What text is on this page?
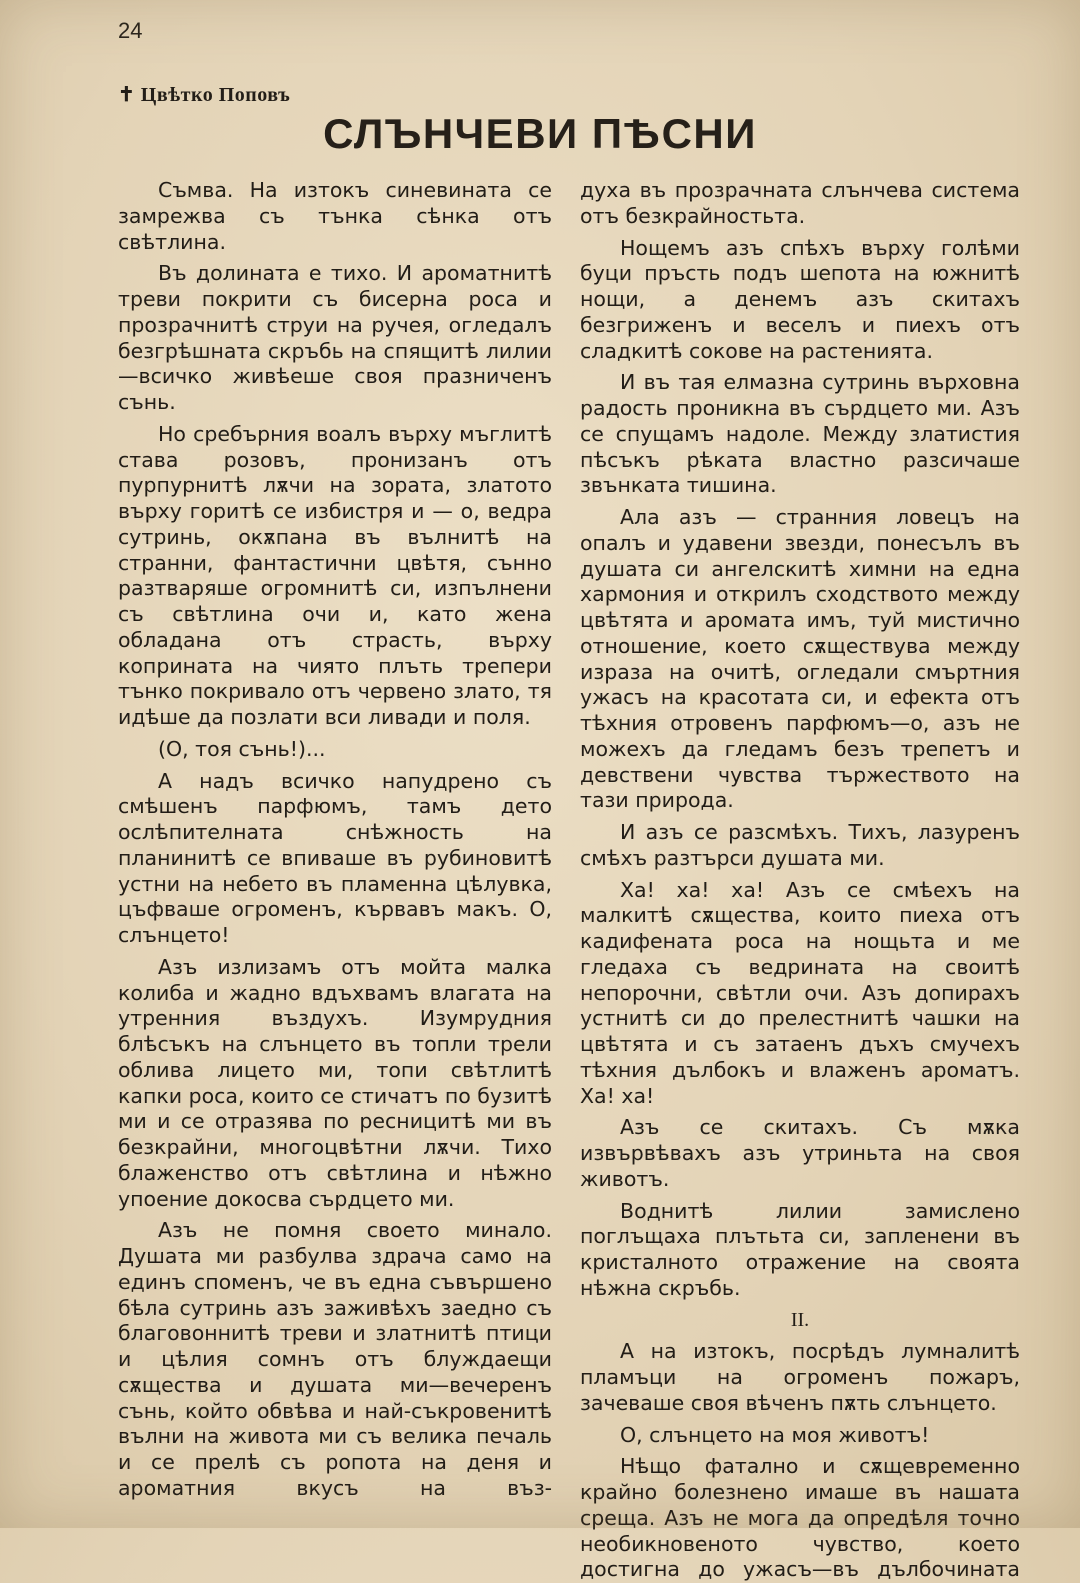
24
✝ Цвѣтко Поповъ
СЛЪНЧЕВИ ПѢСНИ

Съмва. На изтокъ синевината се замрежва съ тънка сѣнка отъ свѣтлина.

Въ долината е тихо. И ароматнитѣ треви покрити съ бисерна роса и прозрачнитѣ струи на ручея, огледалъ безгрѣшната скръбь на спящитѣ лилии—всичко живѣеше своя празниченъ сънь.

Но сребърния воалъ върху мъглитѣ става розовъ, пронизанъ отъ пурпурнитѣ лѫчи на зората, златото върху горитѣ се избистря и — о, ведра сутринь, окѫпана въ вълнитѣ на странни, фантастични цвѣтя, сънно разтваряше огромнитѣ си, изпълнени съ свѣтлина очи и, като жена обладана отъ страсть, върху коприната на чиято плъть трепери тънко покривало отъ червено злато, тя идѣше да позлати вси ливади и поля.

(О, тоя сънь!)...

А надъ всичко напудрено съ смѣшенъ парфюмъ, тамъ дето ослѣпителната снѣжность на планинитѣ се впиваше въ рубиновитѣ устни на небето въ пламенна цѣлувка, цъфваше огроменъ, кървавъ макъ. О, слънцето!

Азъ излизамъ отъ мойта малка колиба и жадно вдъхвамъ влагата на утренния въздухъ. Изумрудния блѣсъкъ на слънцето въ топли трели облива лицето ми, топи свѣтлитѣ капки роса, които се стичатъ по бузитѣ ми и се отразява по ресницитѣ ми въ безкрайни, многоцвѣтни лѫчи. Тихо блаженство отъ свѣтлина и нѣжно упоение докосва сърдцето ми.

Азъ не помня своето минало. Душата ми разбулва здрача само на единъ споменъ, че въ една съвършено бѣла сутринь азъ заживѣхъ заедно съ благовоннитѣ треви и златнитѣ птици и цѣлия сомнъ отъ блуждаещи сѫщества и душата ми—вечеренъ сънь, който обвѣва и най-съкровенитѣ вълни на живота ми съ велика печаль и се прелѣ съ ропота на деня и ароматния вкусъ на въз-

духа въ прозрачната слънчева система отъ безкрайностьта.

Нощемъ азъ спѣхъ върху голѣми буци пръсть подъ шепота на южнитѣ нощи, а денемъ азъ скитахъ безгриженъ и веселъ и пиехъ отъ сладкитѣ сокове на растенията.

И въ тая елмазна сутринь върховна радость проникна въ сърдцето ми. Азъ се спущамъ надоле. Между златистия пѣсъкъ рѣката властно разсичаше звънката тишина.

Ала азъ — странния ловецъ на опалъ и удавени звезди, понесълъ въ душата си ангелскитѣ химни на една хармония и открилъ сходството между цвѣтята и аромата имъ, туй мистично отношение, което сѫществува между израза на очитѣ, огледали смъртния ужасъ на красотата си, и ефекта отъ тѣхния отровенъ парфюмъ—о, азъ не можехъ да гледамъ безъ трепетъ и девствени чувства тържеството на тази природа.

И азъ се разсмѣхъ. Тихъ, лазуренъ смѣхъ разтърси душата ми.

Ха! ха! ха! Азъ се смѣехъ на малкитѣ сѫщества, които пиеха отъ кадифената роса на нощьта и ме гледаха съ ведрината на своитѣ непорочни, свѣтли очи. Азъ допирахъ устнитѣ си до прелестнитѣ чашки на цвѣтята и съ затаенъ дъхъ смучехъ тѣхния дълбокъ и влаженъ ароматъ. Ха! ха!

Азъ се скитахъ. Съ мѫка извървѣвахъ азъ утриньта на своя животъ.

Воднитѣ лилии замислено поглъщаха плътьта си, запленени въ кристалното отражение на своята нѣжна скръбь.

II.

А на изтокъ, посрѣдъ лумналитѣ пламъци на огроменъ пожаръ, зачеваше своя вѣченъ пѫть слънцето.

О, слънцето на моя животъ!

Нѣщо фатално и сѫщевременно крайно болезнено имаше въ нашата среща. Азъ не мога да опредѣля точно необикновеното чувство, което достигна до ужасъ—въ дълбочината
